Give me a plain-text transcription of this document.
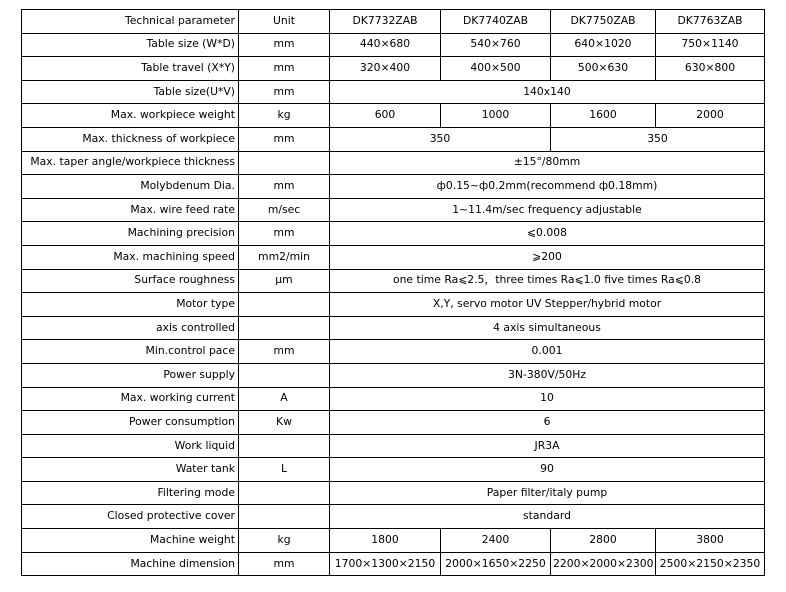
Technical parameter	Unit	DK7732ZAB	DK7740ZAB	DK7750ZAB	DK7763ZAB
Table size (W*D)	mm	440×680	540×760	640×1020	750×1140
Table travel (X*Y)	mm	320×400	400×500	500×630	630×800
Table size(U*V)	mm	140x140			
Max. workpiece weight	kg	600	1000	1600	2000
Max. thickness of workpiece	mm	350		350	
Max. taper angle/workpiece thickness		±15°/80mm			
Molybdenum Dia.	mm	ф0.15~ф0.2mm(recommend ф0.18mm)			
Max. wire feed rate	m/sec	1~11.4m/sec frequency adjustable			
Machining precision	mm	⩽0.008			
Max. machining speed	mm2/min	⩾200			
Surface roughness	µm	one time Ra⩽2.5，three times Ra⩽1.0 five times Ra⩽0.8			
Motor type		X,Y, servo motor UV Stepper/hybrid motor			
axis controlled		4 axis simultaneous			
Min.control pace	mm	0.001			
Power supply		3N-380V/50Hz			
Max. working current	A	10			
Power consumption	Kw	6			
Work liquid		JR3A			
Water tank	L	90			
Filtering mode		Paper filter/italy pump			
Closed protective cover		standard			
Machine weight	kg	1800	2400	2800	3800
Machine dimension	mm	1700×1300×2150	2000×1650×2250	2200×2000×2300	2500×2150×2350
